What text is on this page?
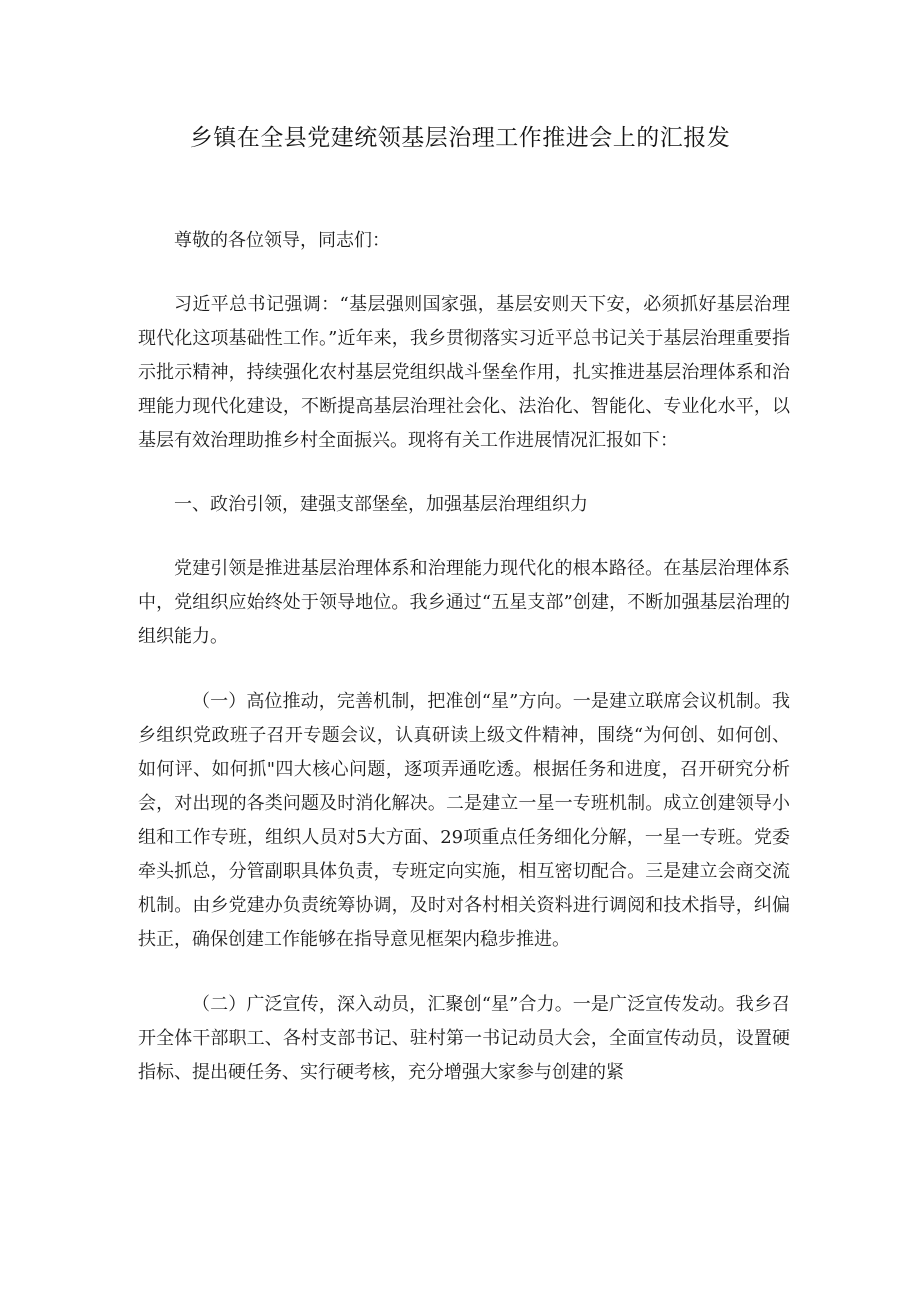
乡镇在全县党建统领基层治理工作推进会上的汇报发

尊敬的各位领导，同志们：

习近平总书记强调：“基层强则国家强，基层安则天下安，必须抓好基层治理现代化这项基础性工作。”近年来，我乡贯彻落实习近平总书记关于基层治理重要指示批示精神，持续强化农村基层党组织战斗堡垒作用，扎实推进基层治理体系和治理能力现代化建设，不断提高基层治理社会化、法治化、智能化、专业化水平，以基层有效治理助推乡村全面振兴。现将有关工作进展情况汇报如下：

一、政治引领，建强支部堡垒，加强基层治理组织力

党建引领是推进基层治理体系和治理能力现代化的根本路径。在基层治理体系中，党组织应始终处于领导地位。我乡通过“五星支部”创建，不断加强基层治理的组织能力。

（一）高位推动，完善机制，把准创“星”方向。一是建立联席会议机制。我乡组织党政班子召开专题会议，认真研读上级文件精神，围绕“为何创、如何创、如何评、如何抓"四大核心问题，逐项弄通吃透。根据任务和进度，召开研究分析会，对出现的各类问题及时消化解决。二是建立一星一专班机制。成立创建领导小组和工作专班，组织人员对5大方面、29项重点任务细化分解，一星一专班。党委牵头抓总，分管副职具体负责，专班定向实施，相互密切配合。三是建立会商交流机制。由乡党建办负责统筹协调，及时对各村相关资料进行调阅和技术指导，纠偏扶正，确保创建工作能够在指导意见框架内稳步推进。

（二）广泛宣传，深入动员，汇聚创“星”合力。一是广泛宣传发动。我乡召开全体干部职工、各村支部书记、驻村第一书记动员大会，全面宣传动员，设置硬指标、提出硬任务、实行硬考核，充分增强大家参与创建的紧
